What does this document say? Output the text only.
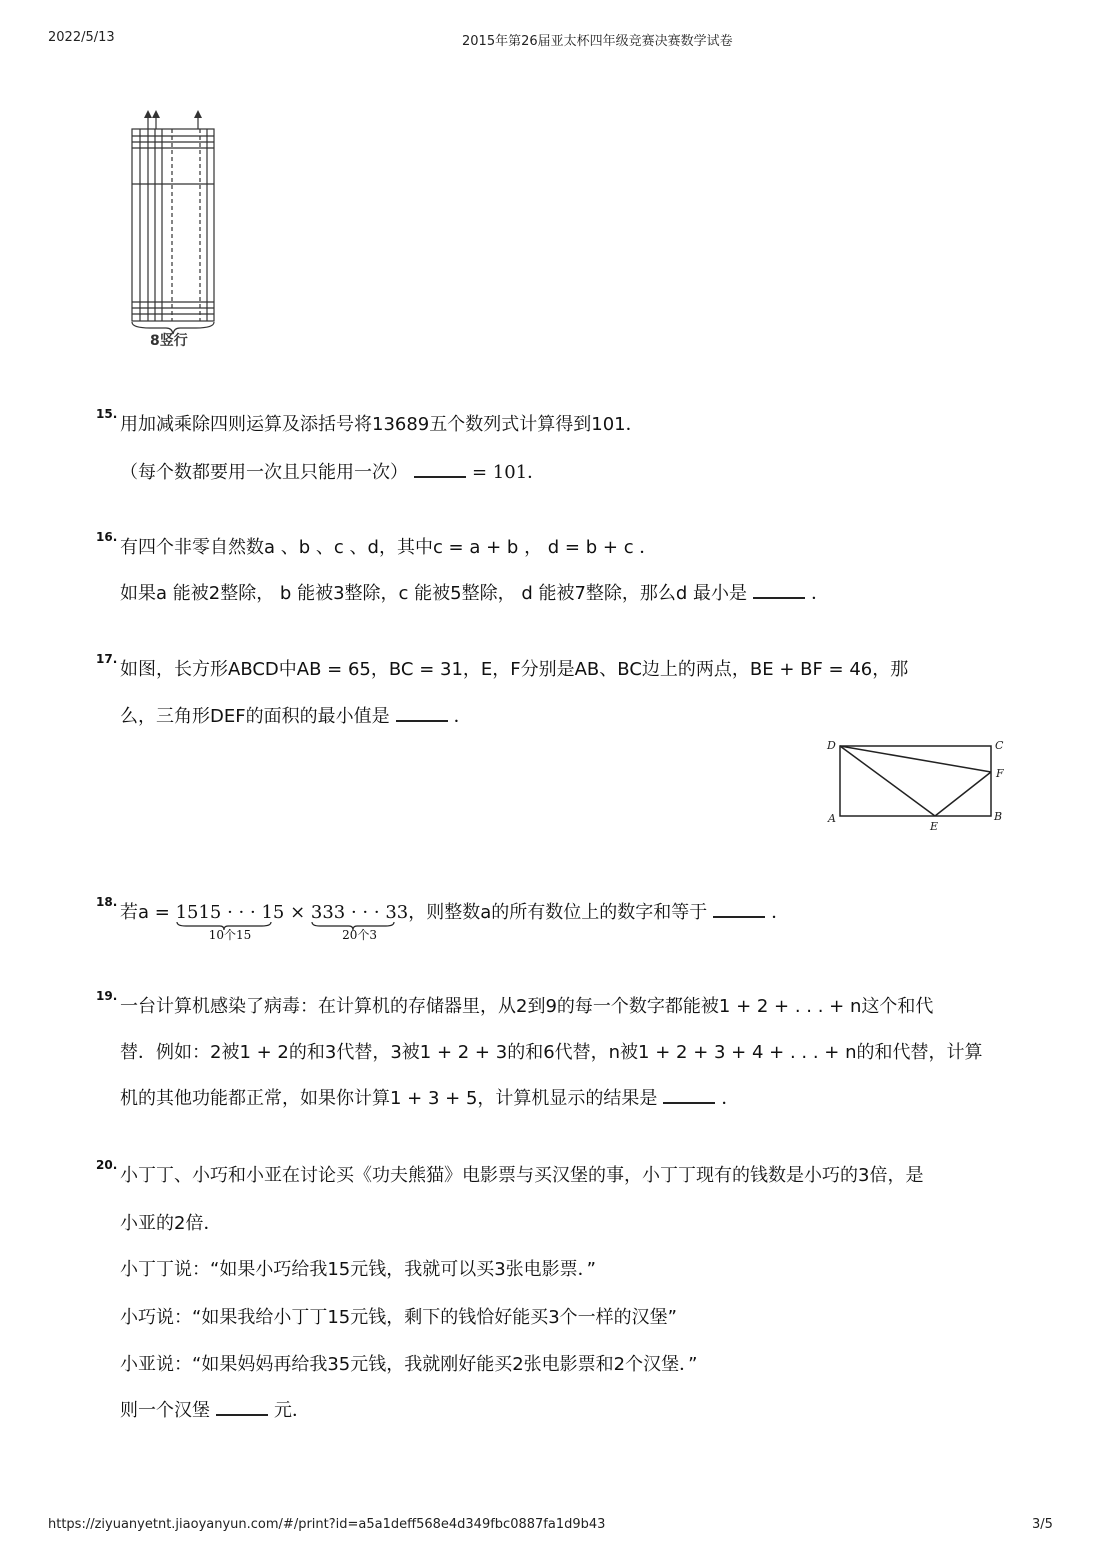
2022/5/13	2015年第26届亚太杯四年级竞赛决赛数学试卷
8竖行
15. 用加减乘除四则运算及添括号将13689五个数列式计算得到101．
（每个数都要用一次且只能用一次）	= 101．
16. 有四个非零自然数a 、b 、c 、d，其中c = a + b ， d = b + c ．
如果a 能被2整除， b 能被3整除，c 能被5整除， d 能被7整除，那么d 最小是	．
17. 如图，长方形ABCD中AB = 65，BC = 31，E，F分别是AB、BC边上的两点，BE + BF = 46，那
么，三角形DEF的面积的最小值是	．
D	C
F
A
E
B
18. 若a = 1515 · · · 15
10个15
× 333 · · · 33
20个3
，则整数a的所有数位上的数字和等于	．
19. 一台计算机感染了病毒：在计算机的存储器里，从2到9的每一个数字都能被1 + 2 + . . . + n这个和代
替．例如：2被1 + 2的和3代替，3被1 + 2 + 3的和6代替，n被1 + 2 + 3 + 4 + . . . + n的和代替，计算
机的其他功能都正常，如果你计算1 + 3 + 5，计算机显示的结果是	．
20. 小丁丁、小巧和小亚在讨论买《功夫熊猫》电影票与买汉堡的事，小丁丁现有的钱数是小巧的3倍，是
小亚的2倍．
小丁丁说：“如果小巧给我15元钱，我就可以买3张电影票．”
小巧说：“如果我给小丁丁15元钱，剩下的钱恰好能买3个一样的汉堡”
小亚说：“如果妈妈再给我35元钱，我就刚好能买2张电影票和2个汉堡．”
则一个汉堡	元．
https://ziyuanyetnt.jiaoyanyun.com/#/print?id=a5a1deff568e4d349fbc0887fa1d9b43	3/5
